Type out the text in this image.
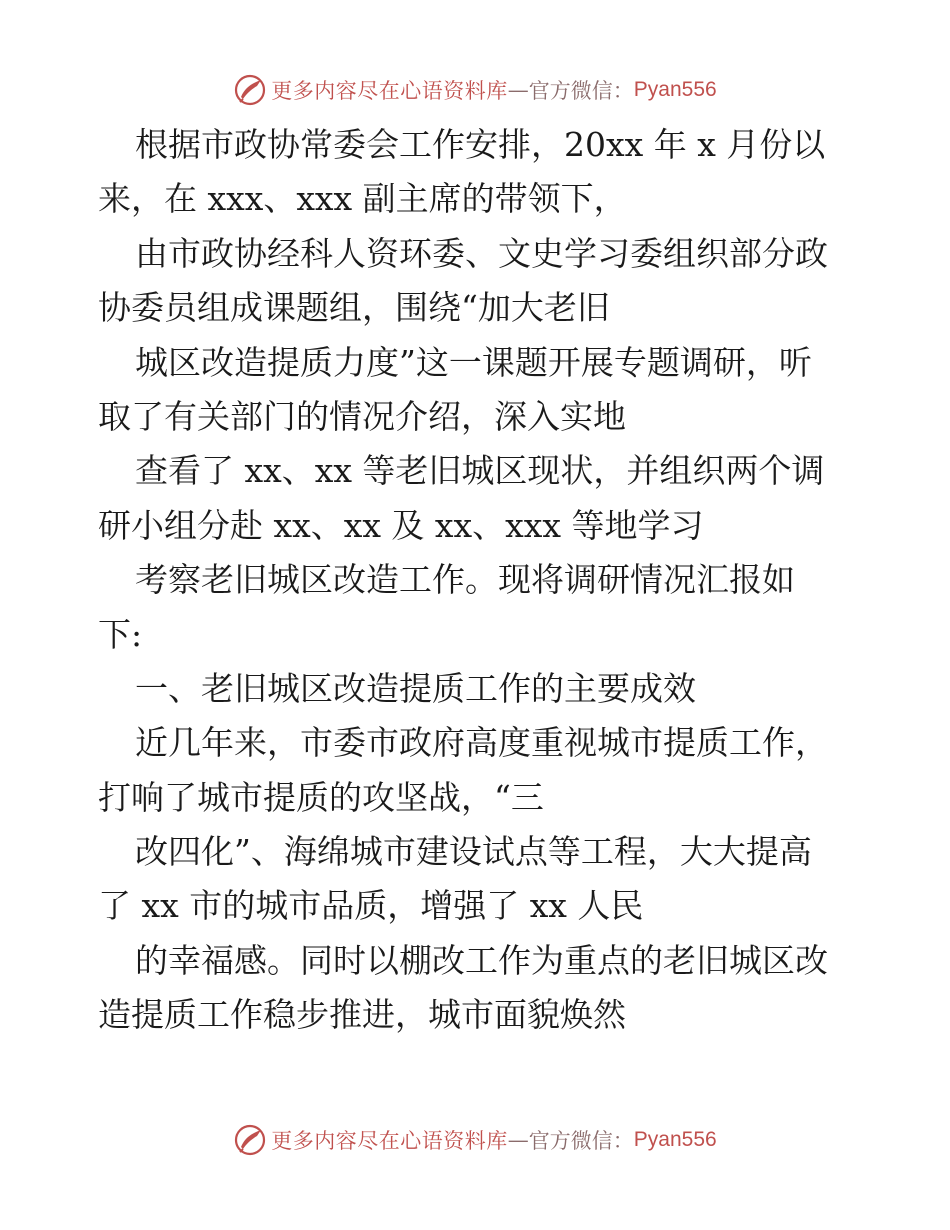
更多内容尽在心语资料库 — 官方微信： Pyan556
根据市政协常委会工作安排，20xx 年 x 月份以
来，在 xxx、xxx 副主席的带领下，
由市政协经科人资环委、文史学习委组织部分政
协委员组成课题组，围绕“加大老旧
城区改造提质力度”这一课题开展专题调研，听
取了有关部门的情况介绍，深入实地
查看了 xx、xx 等老旧城区现状，并组织两个调
研小组分赴 xx、xx 及 xx、xxx 等地学习
考察老旧城区改造工作。现将调研情况汇报如
下:
一、老旧城区改造提质工作的主要成效
近几年来，市委市政府高度重视城市提质工作，
打响了城市提质的攻坚战，“三
改四化”、海绵城市建设试点等工程，大大提高
了 xx 市的城市品质，增强了 xx 人民
的幸福感。同时以棚改工作为重点的老旧城区改
造提质工作稳步推进，城市面貌焕然
更多内容尽在心语资料库 — 官方微信： Pyan556
